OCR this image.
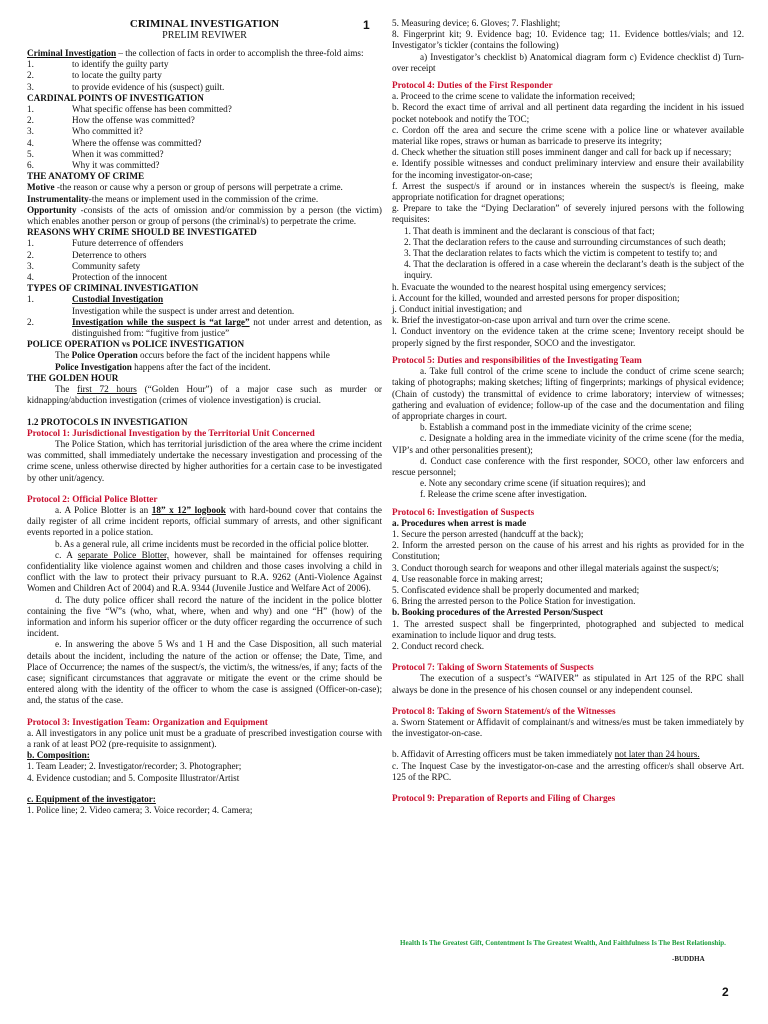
CRIMINAL INVESTIGATION

PRELIM REVIWER

Criminal Investigation – the collection of facts in order to accomplish the three-fold aims:

1.	to identify the guilty party
2.	to locate the guilty party
3.	to provide evidence of his (suspect) guilt.

CARDINAL POINTS OF INVESTIGATION

1.	What specific offense has been committed?
2.	How the offense was committed?
3.	Who committed it?
4.	Where the offense was committed?
5.	When it was committed?
6.	Why it was committed?

THE ANATOMY OF CRIME

Motive -the reason or cause why a person or group of persons will perpetrate a crime.

Instrumentality-the means or implement used in the commission of the crime.

Opportunity -consists of the acts of omission and/or commission by a person (the victim) which enables another person or group of persons (the criminal/s) to perpetrate the crime.

REASONS WHY CRIME SHOULD BE INVESTIGATED

1.	Future deterrence of offenders
2.	Deterrence to others
3.	Community safety
4.	Protection of the innocent

TYPES OF CRIMINAL INVESTIGATION

1.	Custodial Investigation

Investigation while the suspect is under arrest and detention.

2.	Investigation while the suspect is “at large” not under arrest and detention, as distinguished from: “fugitive from justice”

POLICE OPERATION vs POLICE INVESTIGATION

The Police Operation occurs before the fact of the incident happens while

Police Investigation happens after the fact of the incident.

THE GOLDEN HOUR

The first 72 hours (“Golden Hour”) of a major case such as murder or kidnapping/abduction investigation (crimes of violence investigation) is crucial.

1.2 PROTOCOLS IN INVESTIGATION

Protocol 1: Jurisdictional Investigation by the Territorial Unit Concerned

The Police Station, which has territorial jurisdiction of the area where the crime incident was committed, shall immediately undertake the necessary investigation and processing of the crime scene, unless otherwise directed by higher authorities for a certain case to be investigated by other unit/agency.

Protocol 2: Official Police Blotter

a. A Police Blotter is an 18” x 12” logbook with hard-bound cover that contains the daily register of all crime incident reports, official summary of arrests, and other significant events reported in a police station.

b. As a general rule, all crime incidents must be recorded in the official police blotter.

c. A separate Police Blotter, however, shall be maintained for offenses requiring confidentiality like violence against women and children and those cases involving a child in conflict with the law to protect their privacy pursuant to R.A. 9262 (Anti-Violence Against Women and Children Act of 2004) and R.A. 9344 (Juvenile Justice and Welfare Act of 2006).

d. The duty police officer shall record the nature of the incident in the police blotter containing the five “W”s (who, what, where, when and why) and one “H” (how) of the information and inform his superior officer or the duty officer regarding the occurrence of such incident.

e. In answering the above 5 Ws and 1 H and the Case Disposition, all such material details about the incident, including the nature of the action or offense; the Date, Time, and Place of Occurrence; the names of the suspect/s, the victim/s, the witness/es, if any; facts of the case; significant circumstances that aggravate or mitigate the event or the crime should be entered along with the identity of the officer to whom the case is assigned (Officer-on-case); and, the status of the case.

Protocol 3: Investigation Team: Organization and Equipment

a. All investigators in any police unit must be a graduate of prescribed investigation course with a rank of at least PO2 (pre-requisite to assignment).

b. Composition:

1. Team Leader; 2. Investigator/recorder; 3. Photographer;

4. Evidence custodian; and 5. Composite Illustrator/Artist

c. Equipment of the investigator:

1. Police line; 2. Video camera; 3. Voice recorder; 4. Camera;

1 5. Measuring device; 6. Gloves; 7. Flashlight;

8. Fingerprint kit; 9. Evidence bag; 10. Evidence tag; 11. Evidence bottles/vials; and 12. Investigator’s tickler (contains the following)

a) Investigator’s checklist b) Anatomical diagram form c) Evidence checklist d) Turn-over receipt

Protocol 4: Duties of the First Responder

a. Proceed to the crime scene to validate the information received;

b. Record the exact time of arrival and all pertinent data regarding the incident in his issued pocket notebook and notify the TOC;

c. Cordon off the area and secure the crime scene with a police line or whatever available material like ropes, straws or human as barricade to preserve its integrity;

d. Check whether the situation still poses imminent danger and call for back up if necessary;

e. Identify possible witnesses and conduct preliminary interview and ensure their availability for the incoming investigator-on-case;

f. Arrest the suspect/s if around or in instances wherein the suspect/s is fleeing, make appropriate notification for dragnet operations;

g. Prepare to take the “Dying Declaration” of severely injured persons with the following requisites:

1. That death is imminent and the declarant is conscious of that fact;

2. That the declaration refers to the cause and surrounding circumstances of such death;

3. That the declaration relates to facts which the victim is competent to testify to; and

4. That the declaration is offered in a case wherein the declarant’s death is the subject of the inquiry.

h. Evacuate the wounded to the nearest hospital using emergency services;

i. Account for the killed, wounded and arrested persons for proper disposition;

j. Conduct initial investigation; and

k. Brief the investigator-on-case upon arrival and turn over the crime scene.

l. Conduct inventory on the evidence taken at the crime scene; Inventory receipt should be properly signed by the first responder, SOCO and the investigator.

Protocol 5: Duties and responsibilities of the Investigating Team

a. Take full control of the crime scene to include the conduct of crime scene search; taking of photographs; making sketches; lifting of fingerprints; markings of physical evidence; (Chain of custody) the transmittal of evidence to crime laboratory; interview of witnesses; gathering and evaluation of evidence; follow-up of the case and the documentation and filing of appropriate charges in court.

b. Establish a command post in the immediate vicinity of the crime scene;

c. Designate a holding area in the immediate vicinity of the crime scene (for the media, VIP’s and other personalities present);

d. Conduct case conference with the first responder, SOCO, other law enforcers and rescue personnel;

e. Note any secondary crime scene (if situation requires); and

f. Release the crime scene after investigation.

Protocol 6: Investigation of Suspects

a. Procedures when arrest is made

1. Secure the person arrested (handcuff at the back);

2. Inform the arrested person on the cause of his arrest and his rights as provided for in the Constitution;

3. Conduct thorough search for weapons and other illegal materials against the suspect/s;

4. Use reasonable force in making arrest;

5. Confiscated evidence shall be properly documented and marked;

6. Bring the arrested person to the Police Station for investigation.

b. Booking procedures of the Arrested Person/Suspect

1. The arrested suspect shall be fingerprinted, photographed and subjected to medical examination to include liquor and drug tests.

2. Conduct record check.

Protocol 7: Taking of Sworn Statements of Suspects

The execution of a suspect’s “WAIVER” as stipulated in Art 125 of the RPC shall always be done in the presence of his chosen counsel or any independent counsel.

Protocol 8: Taking of Sworn Statement/s of the Witnesses

a. Sworn Statement or Affidavit of complainant/s and witness/es must be taken immediately by the investigator-on-case.

b. Affidavit of Arresting officers must be taken immediately not later than 24 hours.

c. The Inquest Case by the investigator-on-case and the arresting officer/s shall observe Art. 125 of the RPC.

Protocol 9: Preparation of Reports and Filing of Charges

Health Is The Greatest Gift, Contentment Is The Greatest Wealth, And Faithfulness Is The Best Relationship.
-BUDDHA
2
